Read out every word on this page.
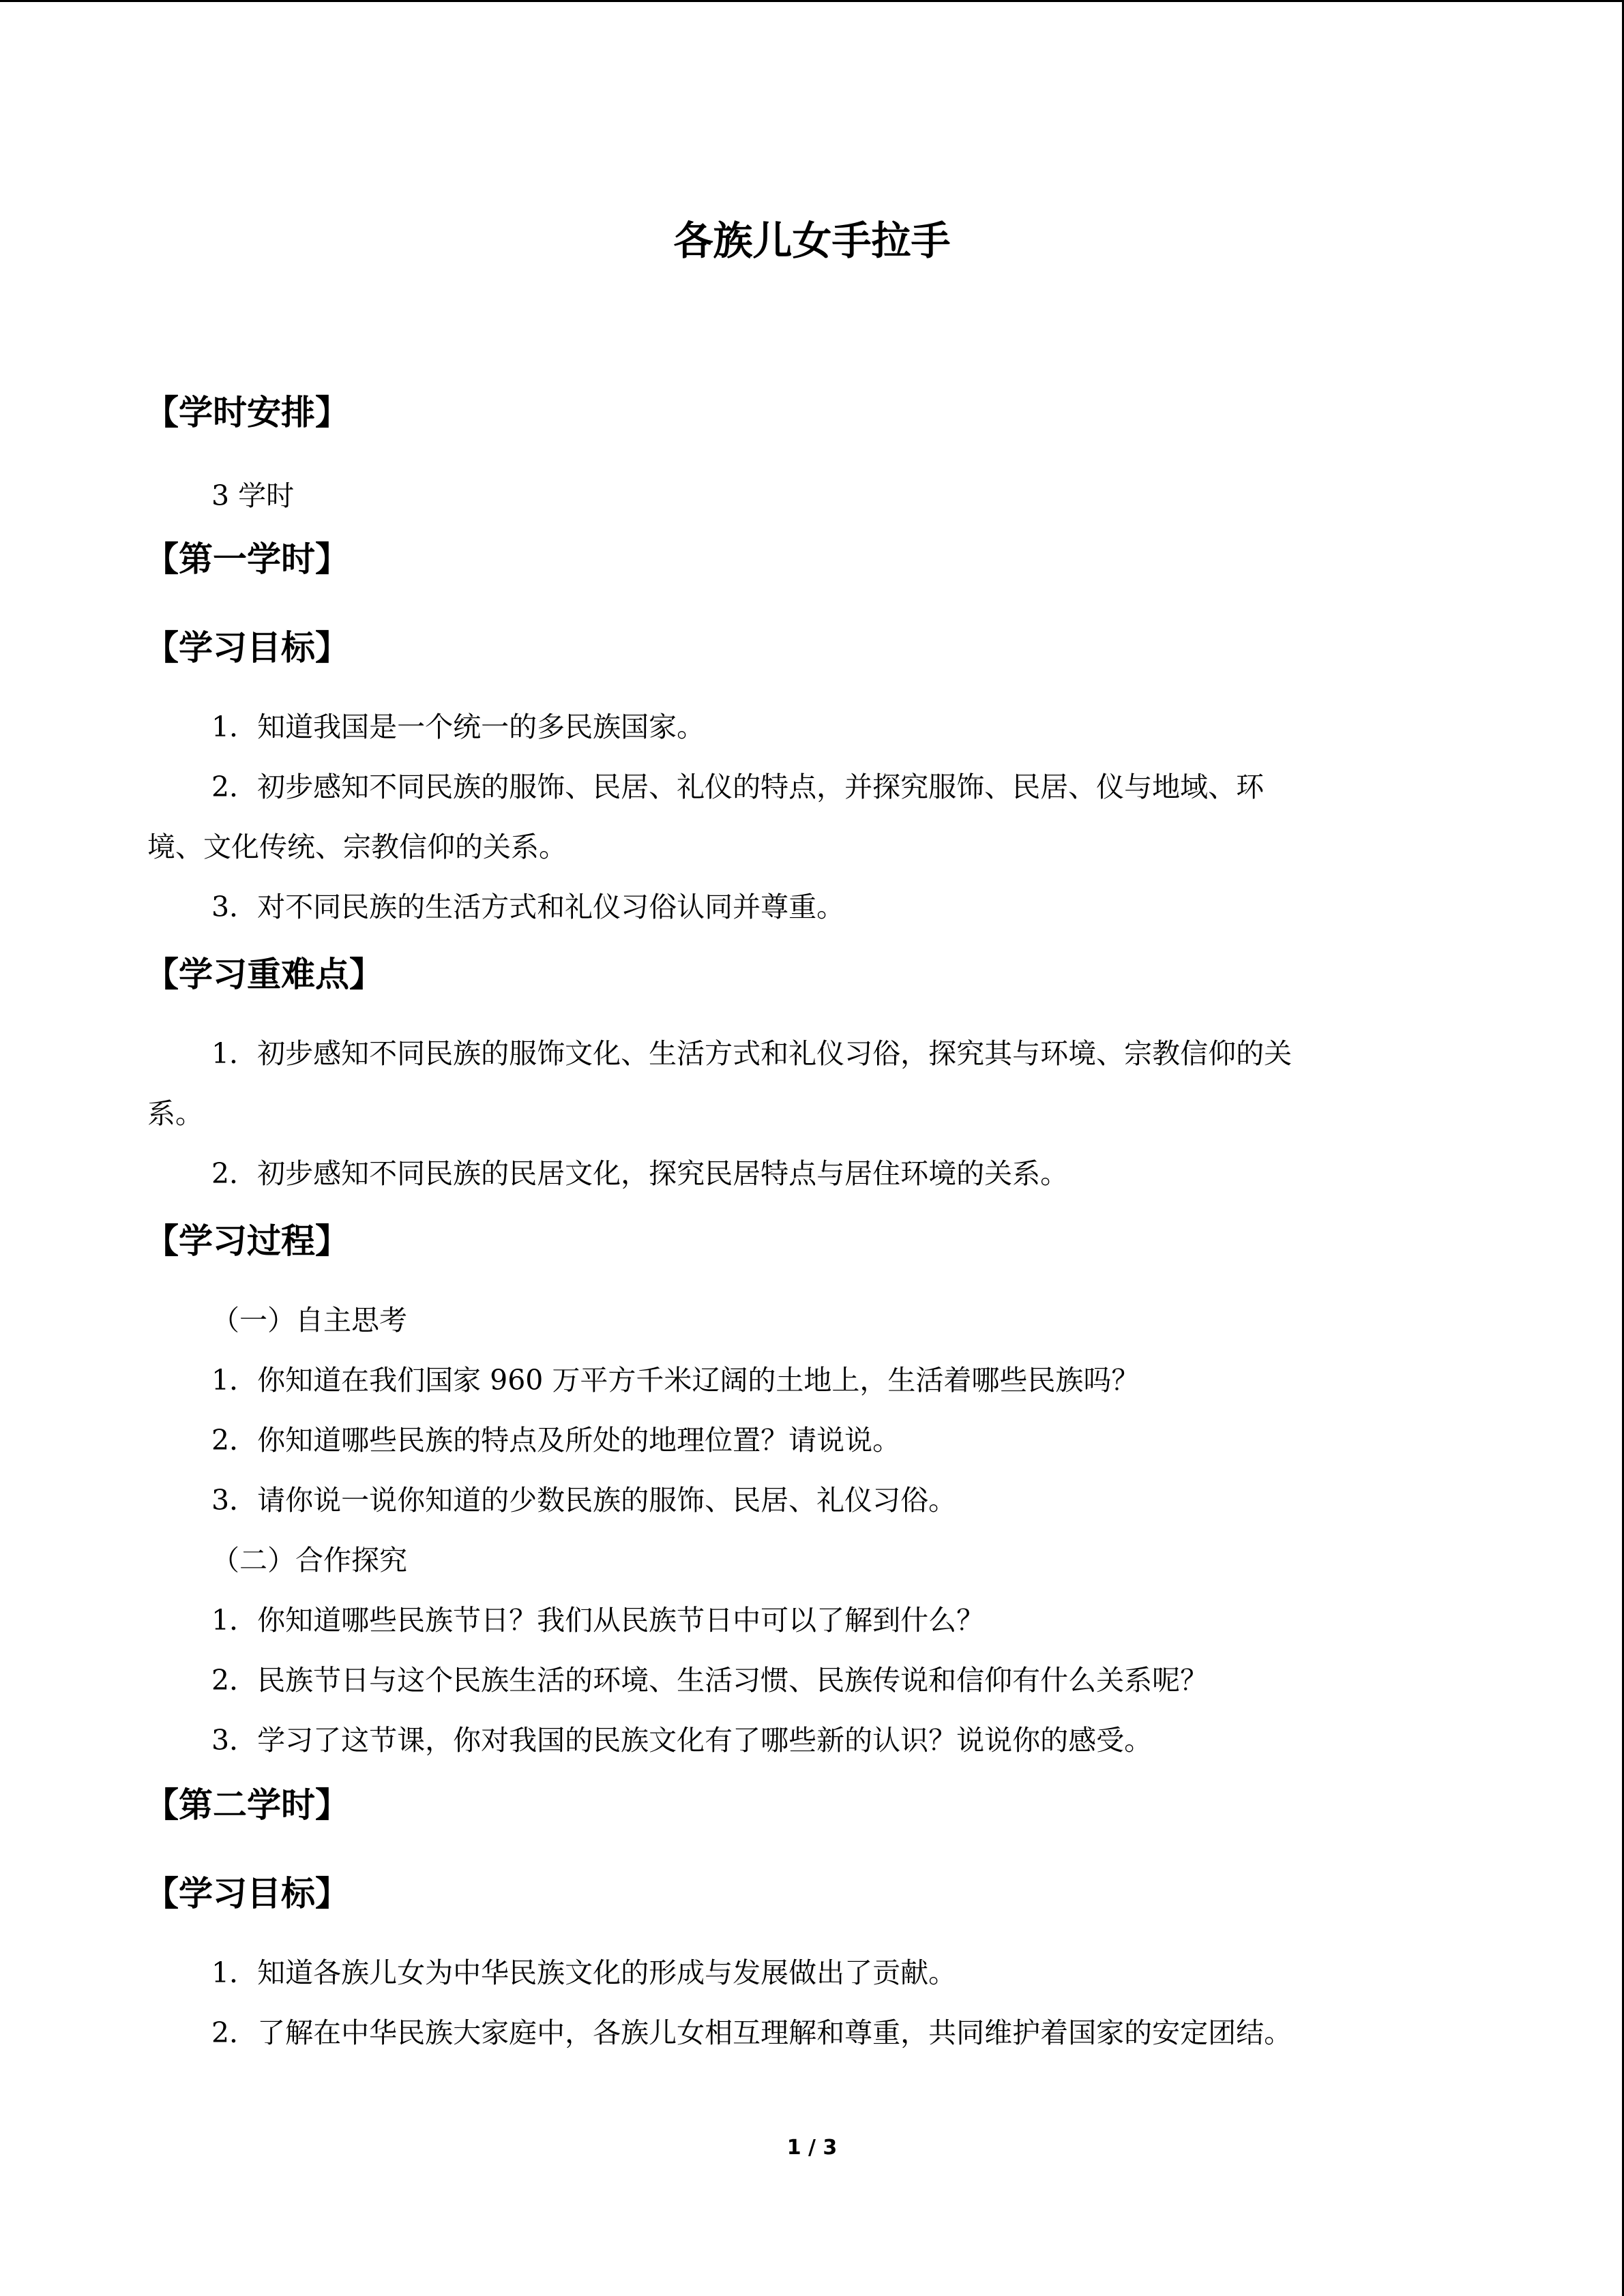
各族儿女手拉手
【学时安排】
3 学时
【第一学时】
【学习目标】
1．知道我国是一个统一的多民族国家。
2．初步感知不同民族的服饰、民居、礼仪的特点，并探究服饰、民居、仪与地域、环
境、文化传统、宗教信仰的关系。
3．对不同民族的生活方式和礼仪习俗认同并尊重。
【学习重难点】
1．初步感知不同民族的服饰文化、生活方式和礼仪习俗，探究其与环境、宗教信仰的关
系。
2．初步感知不同民族的民居文化，探究民居特点与居住环境的关系。
【学习过程】
（一）自主思考
1．你知道在我们国家 960 万平方千米辽阔的土地上，生活着哪些民族吗？
2．你知道哪些民族的特点及所处的地理位置？请说说。
3．请你说一说你知道的少数民族的服饰、民居、礼仪习俗。
（二）合作探究
1．你知道哪些民族节日？我们从民族节日中可以了解到什么？
2．民族节日与这个民族生活的环境、生活习惯、民族传说和信仰有什么关系呢？
3．学习了这节课，你对我国的民族文化有了哪些新的认识？说说你的感受。
【第二学时】
【学习目标】
1．知道各族儿女为中华民族文化的形成与发展做出了贡献。
2．了解在中华民族大家庭中，各族儿女相互理解和尊重，共同维护着国家的安定团结。
1 / 3
